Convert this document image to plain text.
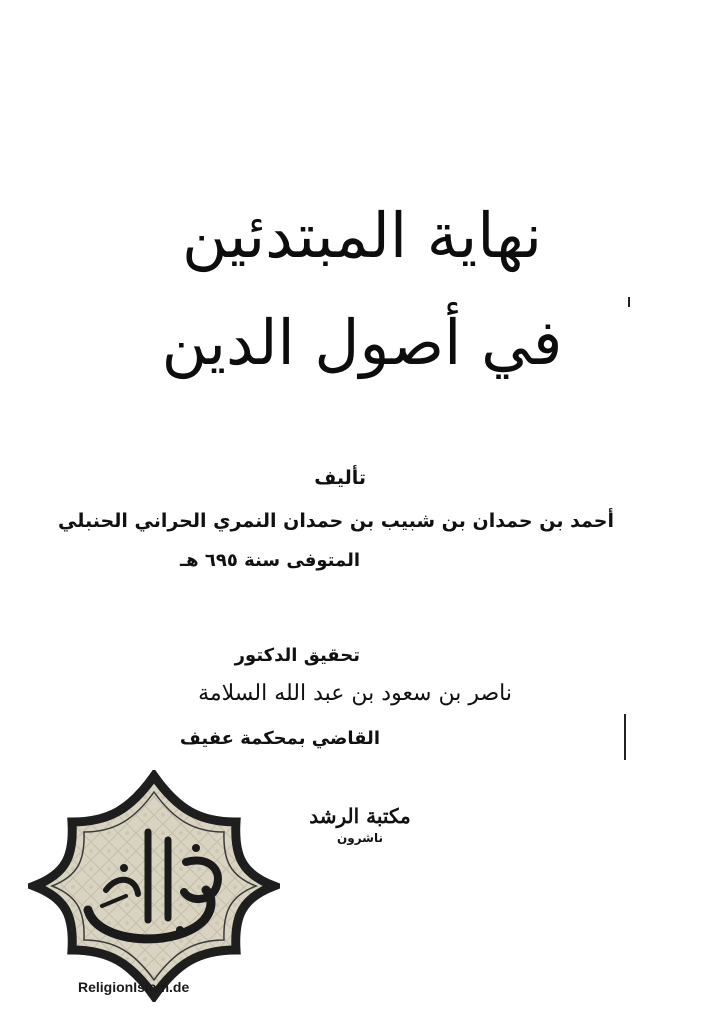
نهاية المبتدئين
في أصول الدين
تأليف
أحمد بن حمدان بن شبيب بن حمدان النمري الحراني الحنبلي
المتوفى سنة ٦٩٥ هـ
تحقيق الدكتور
ناصر بن سعود بن عبد الله السلامة
القاضي بمحكمة عفيف
مكتبة الرشد
ناشرون
ReligionIslam.de
